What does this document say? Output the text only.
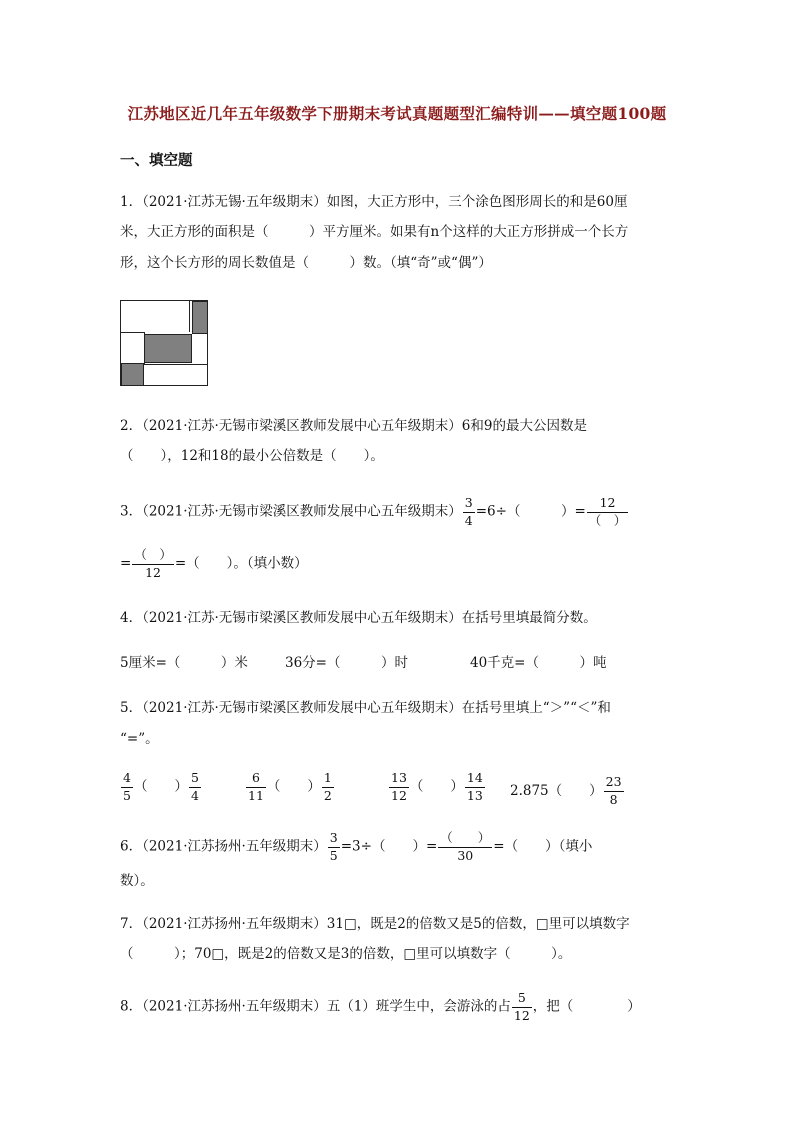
江苏地区近几年五年级数学下册期末考试真题题型汇编特训——填空题100题
一、填空题
1．（2021·江苏无锡·五年级期末）如图，大正方形中，三个涂色图形周长的和是60厘
米，大正方形的面积是（　　　）平方厘米。如果有n个这样的大正方形拼成一个长方
形，这个长方形的周长数值是（　　　）数。（填“奇”或“偶”）
2．（2021·江苏·无锡市梁溪区教师发展中心五年级期末）6和9的最大公因数是
（　　），12和18的最小公倍数是（　　）。
3．（2021·江苏·无锡市梁溪区教师发展中心五年级期末） $\frac{3}{4} =6\div$（　　　）= $\frac{12}{( )}$
= $\frac{( )}{12}$ =（　　）。（填小数）
4．（2021·江苏·无锡市梁溪区教师发展中心五年级期末）在括号里填最简分数。
5厘米=（　　　）米	36分=（　　　）时	40千克=（　　　）吨
5．（2021·江苏·无锡市梁溪区教师发展中心五年级期末）在括号里填上“＞”“＜”和
“=”。
$\frac{4}{5}$ （　　） $\frac{5}{4}$	$\frac{6}{11}$ （　　） $\frac{1}{2}$	$\frac{13}{12}$ （　　） $\frac{14}{13} 2.875$（　　） $\frac{23}{8}$
6．（2021·江苏扬州·五年级期末） $\frac{3}{5} =3\div$（　　）= $\frac{( )}{30}$ =（　　）（填小
数）。
7．（2021·江苏扬州·五年级期末）31□，既是2的倍数又是5的倍数，□里可以填数字
（　　　）；70□，既是2的倍数又是3的倍数，□里可以填数字（　　　）。
8．（2021·江苏扬州·五年级期末）五（1）班学生中，会游泳的占 $\frac{5}{12}$ ，把（　　　　）
